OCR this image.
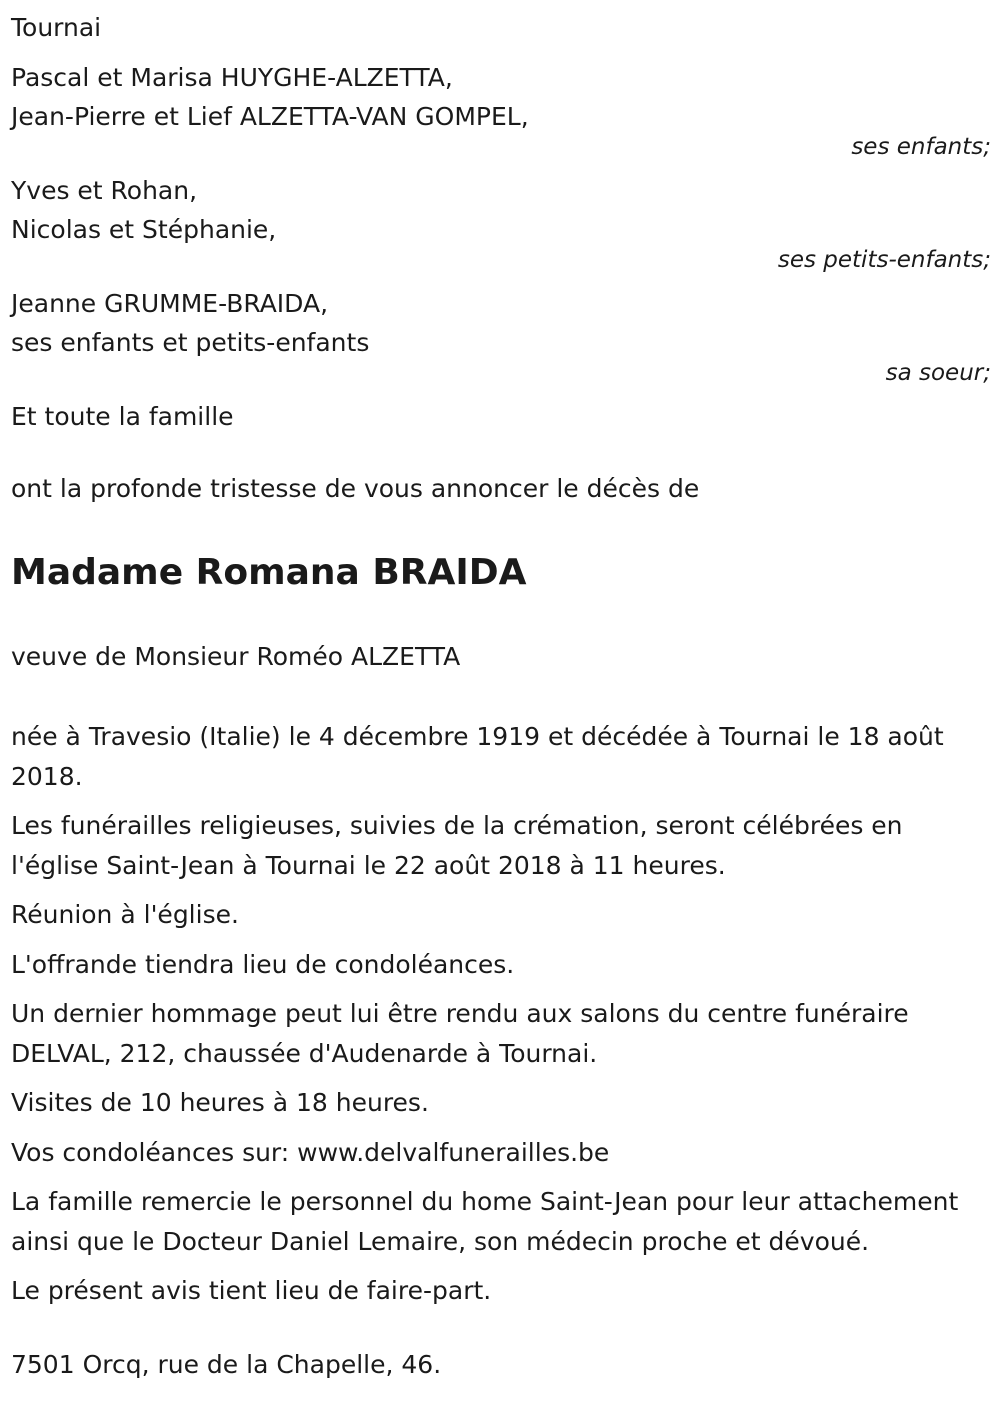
Tournai
Pascal et Marisa HUYGHE-ALZETTA,
Jean-Pierre et Lief ALZETTA-VAN GOMPEL,
ses enfants;
Yves et Rohan,
Nicolas et Stéphanie,
ses petits-enfants;
Jeanne GRUMME-BRAIDA,
ses enfants et petits-enfants
sa soeur;
Et toute la famille
ont la profonde tristesse de vous annoncer le décès de
Madame Romana BRAIDA
veuve de Monsieur Roméo ALZETTA
née à Travesio (Italie) le 4 décembre 1919 et décédée à Tournai le 18 août 2018.
Les funérailles religieuses, suivies de la crémation, seront célébrées en l'église Saint-Jean à Tournai le 22 août 2018 à 11 heures.
Réunion à l'église.
L'offrande tiendra lieu de condoléances.
Un dernier hommage peut lui être rendu aux salons du centre funéraire DELVAL, 212, chaussée d'Audenarde à Tournai.
Visites de 10 heures à 18 heures.
Vos condoléances sur: www.delvalfunerailles.be
La famille remercie le personnel du home Saint-Jean pour leur attachement ainsi que le Docteur Daniel Lemaire, son médecin proche et dévoué.
Le présent avis tient lieu de faire-part.
7501 Orcq, rue de la Chapelle, 46.
